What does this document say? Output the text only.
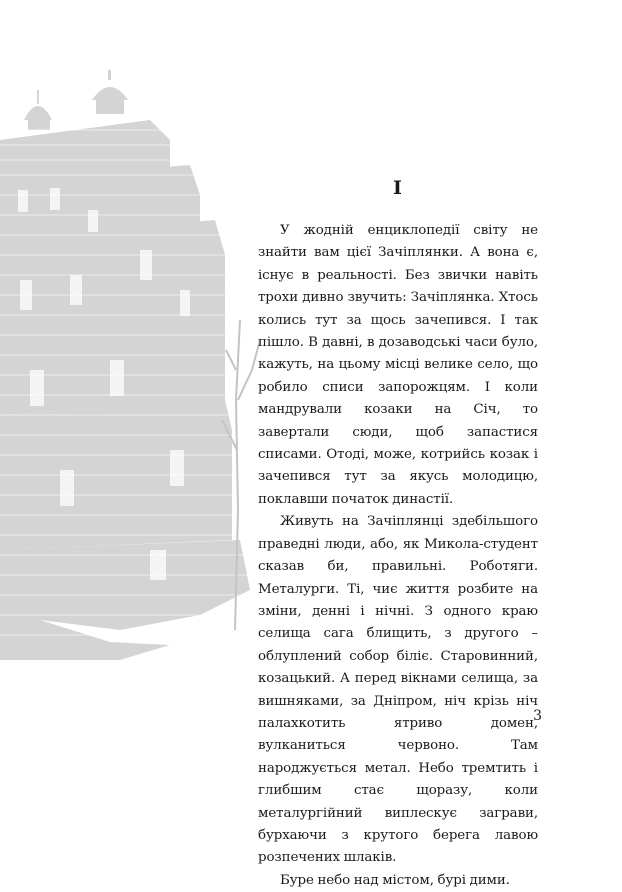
I

У жодній енциклопедії світу не знайти вам цієї Зачіплянки. А вона є, існує в реальності. Без звички навіть трохи дивно звучить: Зачіплянка. Хтось колись тут за щось зачепився. І так пішло. В давні, в дозаводські часи було, кажуть, на цьому місці велике село, що робило списи запорожцям. І коли мандрували козаки на Січ, то завертали сюди, щоб запастися списами. Отоді, може, котрийсь козак і зачепився тут за якусь молодицю, поклавши початок династії.

Живуть на Зачіплянці здебільшого праведні люди, або, як Микола-студент сказав би, правильні. Роботяги. Металурги. Ті, чиє життя розбите на зміни, денні і нічні. З одного краю селища сага блищить, з другого – облуплений собор біліє. Старовинний, козацький. А перед вікнами селища, за вишняками, за Дніпром, ніч крізь ніч палахкотить ятриво домен, вулканиться червоно. Там народжується метал. Небо тремтить і глибшим стає щоразу, коли металургійний виплескує заграви, бурхаючи з крутого берега лавою розпечених шлаків.

Буре небо над містом, бурі дими.

3
